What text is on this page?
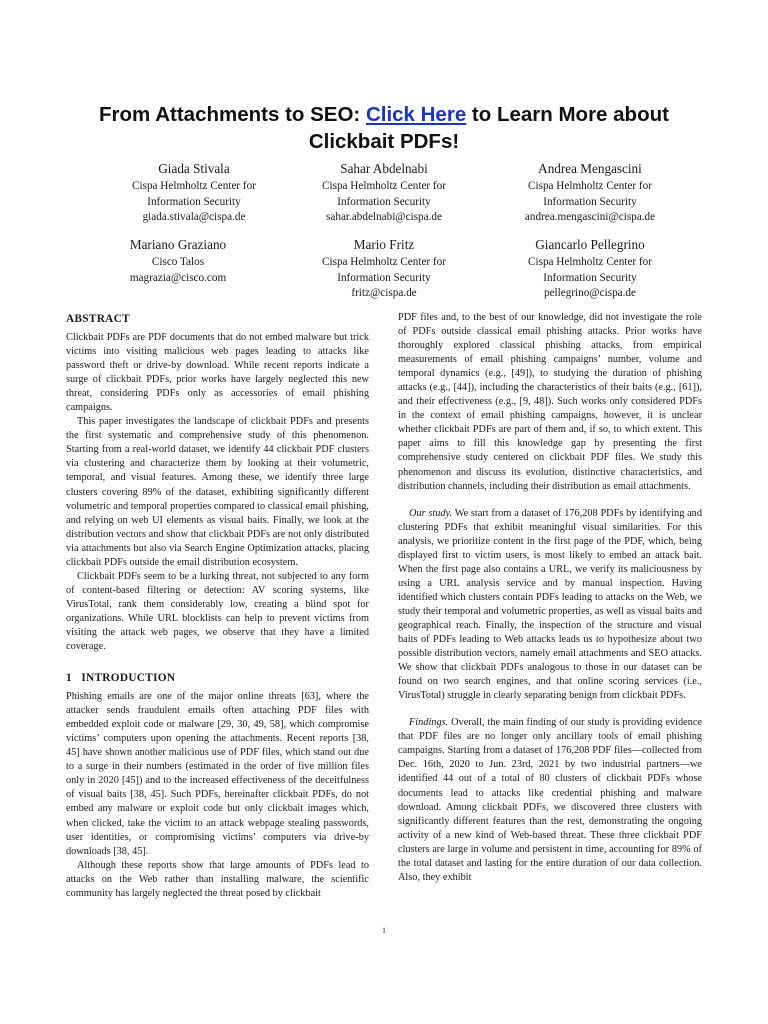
From Attachments to SEO: Click Here to Learn More about Clickbait PDFs!
Giada Stivala
Cispa Helmholtz Center for
Information Security
giada.stivala@cispa.de
Sahar Abdelnabi
Cispa Helmholtz Center for
Information Security
sahar.abdelnabi@cispa.de
Andrea Mengascini
Cispa Helmholtz Center for
Information Security
andrea.mengascini@cispa.de
Mariano Graziano
Cisco Talos
magrazia@cisco.com
Mario Fritz
Cispa Helmholtz Center for
Information Security
fritz@cispa.de
Giancarlo Pellegrino
Cispa Helmholtz Center for
Information Security
pellegrino@cispa.de
ABSTRACT

Clickbait PDFs are PDF documents that do not embed malware but trick victims into visiting malicious web pages leading to attacks like password theft or drive-by download. While recent reports indicate a surge of clickbait PDFs, prior works have largely neglected this new threat, considering PDFs only as accessories of email phishing campaigns.

This paper investigates the landscape of clickbait PDFs and presents the first systematic and comprehensive study of this phenomenon. Starting from a real-world dataset, we identify 44 clickbait PDF clusters via clustering and characterize them by looking at their volumetric, temporal, and visual features. Among these, we identify three large clusters covering 89% of the dataset, exhibiting significantly different volumetric and temporal properties compared to classical email phishing, and relying on web UI elements as visual baits. Finally, we look at the distribution vectors and show that clickbait PDFs are not only distributed via attachments but also via Search Engine Optimization attacks, placing clickbait PDFs outside the email distribution ecosystem.

Clickbait PDFs seem to be a lurking threat, not subjected to any form of content-based filtering or detection: AV scoring systems, like VirusTotal, rank them considerably low, creating a blind spot for organizations. While URL blocklists can help to prevent victims from visiting the attack web pages, we observe that they have a limited coverage.

1   INTRODUCTION

Phishing emails are one of the major online threats [63], where the attacker sends fraudulent emails often attaching PDF files with embedded exploit code or malware [29, 30, 49, 58], which compromise victims’ computers upon opening the attachments. Recent reports [38, 45] have shown another malicious use of PDF files, which stand out due to a surge in their numbers (estimated in the order of five million files only in 2020 [45]) and to the increased effectiveness of the deceitfulness of visual baits [38, 45]. Such PDFs, hereinafter clickbait PDFs, do not embed any malware or exploit code but only clickbait images which, when clicked, take the victim to an attack webpage stealing passwords, user identities, or compromising victims’ computers via drive-by downloads [38, 45].

Although these reports show that large amounts of PDFs lead to attacks on the Web rather than installing malware, the scientific community has largely neglected the threat posed by clickbait

PDF files and, to the best of our knowledge, did not investigate the role of PDFs outside classical email phishing attacks. Prior works have thoroughly explored classical phishing attacks, from empirical measurements of email phishing campaigns’ number, volume and temporal dynamics (e.g., [49]), to studying the duration of phishing attacks (e.g., [44]), including the characteristics of their baits (e.g., [61]), and their effectiveness (e.g., [9, 48]). Such works only considered PDFs in the context of email phishing campaigns, however, it is unclear whether clickbait PDFs are part of them and, if so, to which extent. This paper aims to fill this knowledge gap by presenting the first comprehensive study centered on clickbait PDF files. We study this phenomenon and discuss its evolution, distinctive characteristics, and distribution channels, including their distribution as email attachments.

Our study. We start from a dataset of 176,208 PDFs by identifying and clustering PDFs that exhibit meaningful visual similarities. For this analysis, we prioritize content in the first page of the PDF, which, being displayed first to victim users, is most likely to embed an attack bait. When the first page also contains a URL, we verify its maliciousness by using a URL analysis service and by manual inspection. Having identified which clusters contain PDFs leading to attacks on the Web, we study their temporal and volumetric properties, as well as visual baits and geographical reach. Finally, the inspection of the structure and visual baits of PDFs leading to Web attacks leads us to hypothesize about two possible distribution vectors, namely email attachments and SEO attacks. We show that clickbait PDFs analogous to those in our dataset can be found on two search engines, and that online scoring services (i.e., VirusTotal) struggle in clearly separating benign from clickbait PDFs.

Findings. Overall, the main finding of our study is providing evidence that PDF files are no longer only ancillary tools of email phishing campaigns. Starting from a dataset of 176,208 PDF files—collected from Dec. 16th, 2020 to Jun. 23rd, 2021 by two industrial partners—we identified 44 out of a total of 80 clusters of clickbait PDFs whose documents lead to attacks like credential phishing and malware download. Among clickbait PDFs, we discovered three clusters with significantly different features than the rest, demonstrating the ongoing activity of a new kind of Web-based threat. These three clickbait PDF clusters are large in volume and persistent in time, accounting for 89% of the total dataset and lasting for the entire duration of our data collection. Also, they exhibit

1
